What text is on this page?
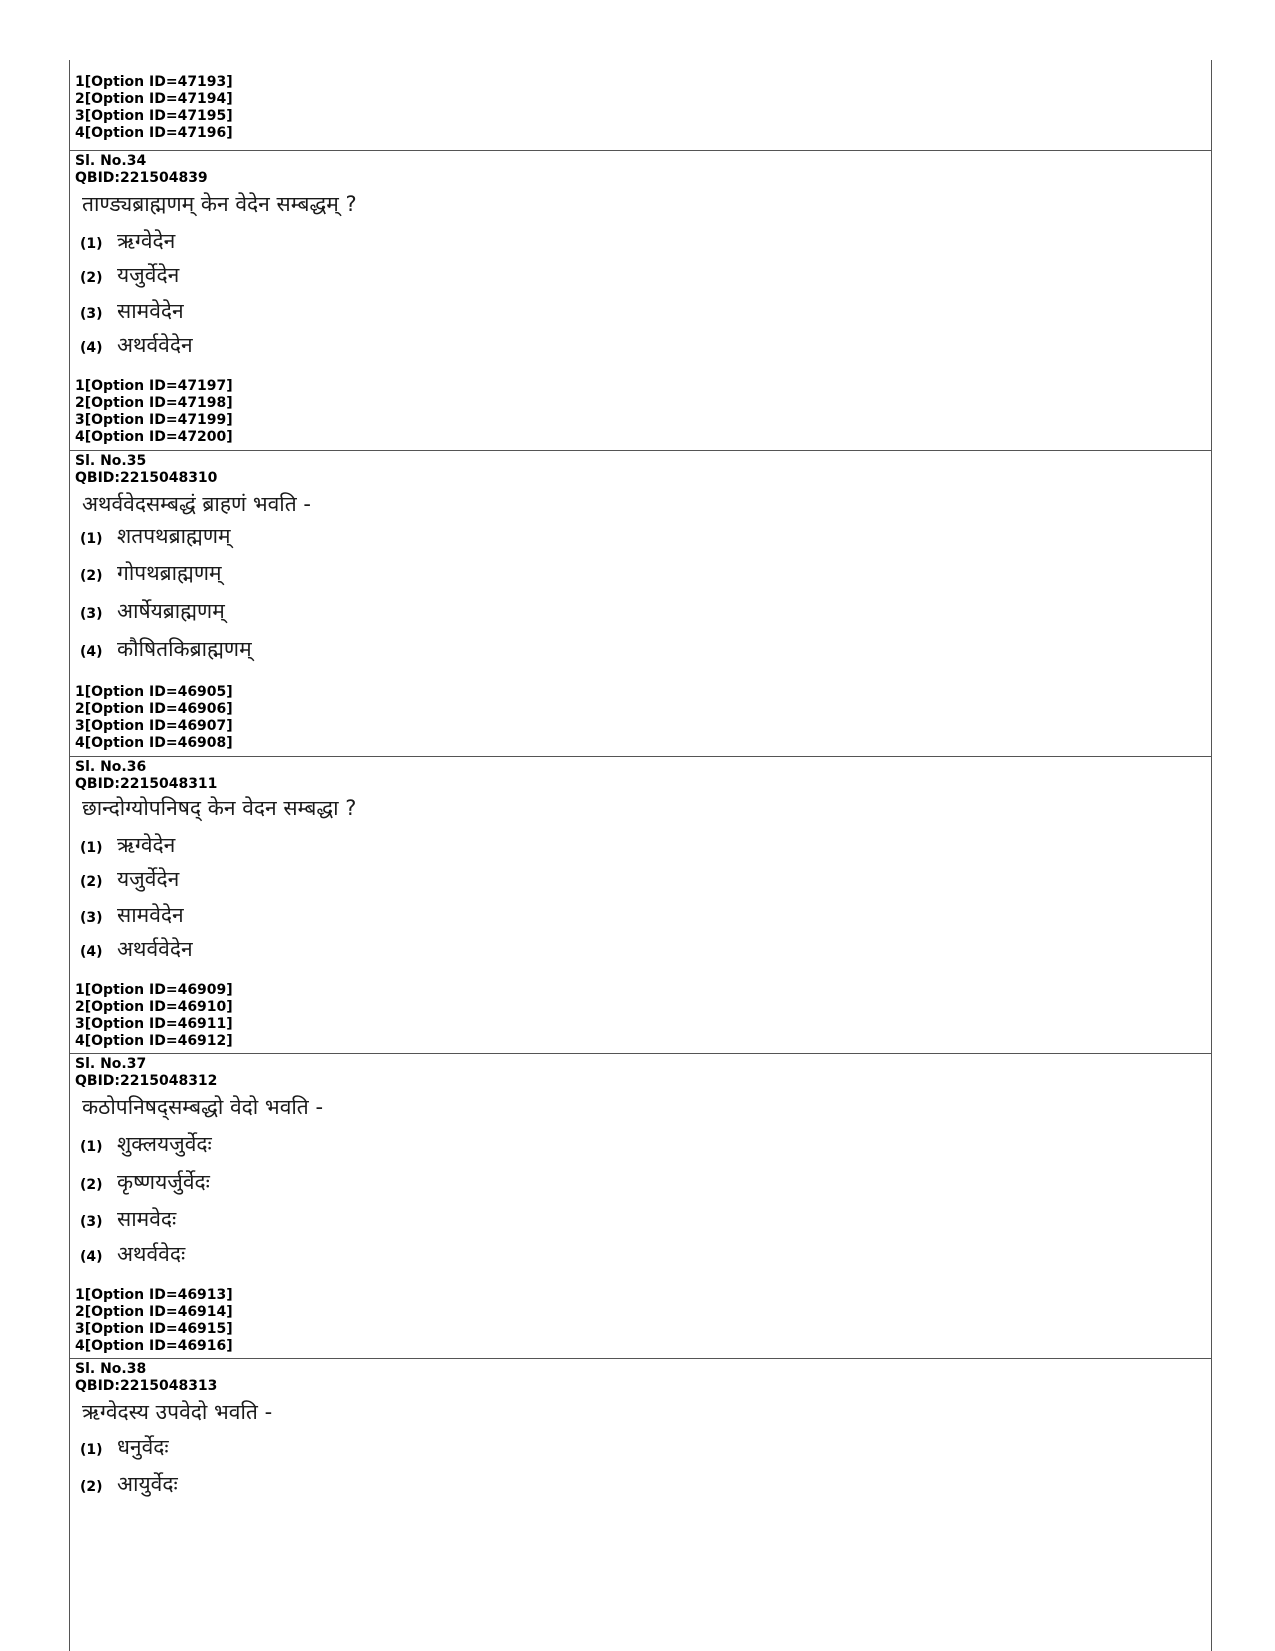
1[Option ID=47193]
2[Option ID=47194]
3[Option ID=47195]
4[Option ID=47196]
Sl. No.34
QBID:221504839
ताण्ड्यब्राह्मणम् केन वेदेन सम्बद्धम् ?
(1) ऋग्वेदेन
(2) यजुर्वेदेन
(3) सामवेदेन
(4) अथर्ववेदेन
1[Option ID=47197]
2[Option ID=47198]
3[Option ID=47199]
4[Option ID=47200]
Sl. No.35
QBID:2215048310
अथर्ववेदसम्बद्धं ब्राहणं भवति -
(1) शतपथब्राह्मणम्
(2) गोपथब्राह्मणम्
(3) आर्षेयब्राह्मणम्
(4) कौषितकिब्राह्मणम्
1[Option ID=46905]
2[Option ID=46906]
3[Option ID=46907]
4[Option ID=46908]
Sl. No.36
QBID:2215048311
छान्दोग्योपनिषद् केन वेदन सम्बद्धा ?
(1) ऋग्वेदेन
(2) यजुर्वेदेन
(3) सामवेदेन
(4) अथर्ववेदेन
1[Option ID=46909]
2[Option ID=46910]
3[Option ID=46911]
4[Option ID=46912]
Sl. No.37
QBID:2215048312
कठोपनिषद्सम्बद्धो वेदो भवति -
(1) शुक्लयजुर्वेदः
(2) कृष्णयर्जुर्वेदः
(3) सामवेदः
(4) अथर्ववेदः
1[Option ID=46913]
2[Option ID=46914]
3[Option ID=46915]
4[Option ID=46916]
Sl. No.38
QBID:2215048313
ऋग्वेदस्य उपवेदो भवति -
(1) धनुर्वेदः
(2) आयुर्वेदः
